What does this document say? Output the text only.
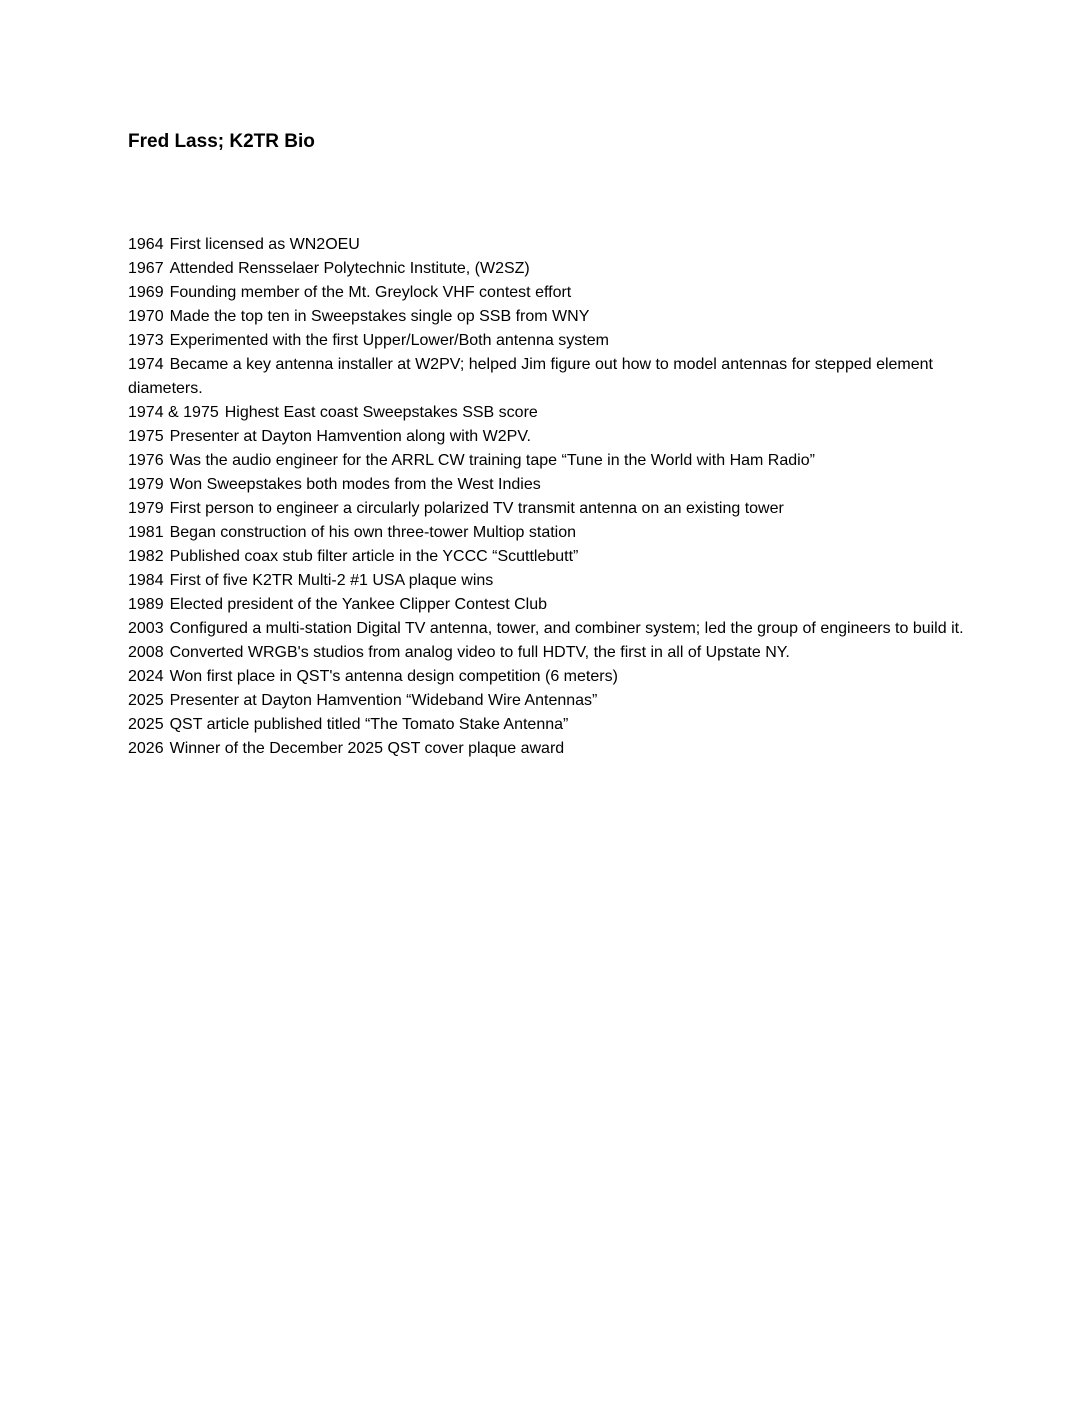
Fred Lass; K2TR Bio

1964 First licensed as WN2OEU

1967 Attended Rensselaer Polytechnic Institute, (W2SZ)

1969 Founding member of the Mt. Greylock VHF contest effort

1970 Made the top ten in Sweepstakes single op SSB from WNY

1973 Experimented with the first Upper/Lower/Both antenna system

1974 Became a key antenna installer at W2PV; helped Jim figure out how to model antennas for stepped element diameters.

1974 & 1975 Highest East coast Sweepstakes SSB score

1975 Presenter at Dayton Hamvention along with W2PV.

1976 Was the audio engineer for the ARRL CW training tape “Tune in the World with Ham Radio”

1979 Won Sweepstakes both modes from the West Indies

1979 First person to engineer a circularly polarized TV transmit antenna on an existing tower

1981 Began construction of his own three-tower Multiop station

1982 Published coax stub filter article in the YCCC “Scuttlebutt”

1984 First of five K2TR Multi-2 #1 USA plaque wins

1989 Elected president of the Yankee Clipper Contest Club

2003 Configured a multi-station Digital TV antenna, tower, and combiner system; led the group of engineers to build it.

2008 Converted WRGB's studios from analog video to full HDTV, the first in all of Upstate NY.

2024 Won first place in QST's antenna design competition (6 meters)

2025 Presenter at Dayton Hamvention “Wideband Wire Antennas”

2025 QST article published titled “The Tomato Stake Antenna”

2026 Winner of the December 2025 QST cover plaque award
